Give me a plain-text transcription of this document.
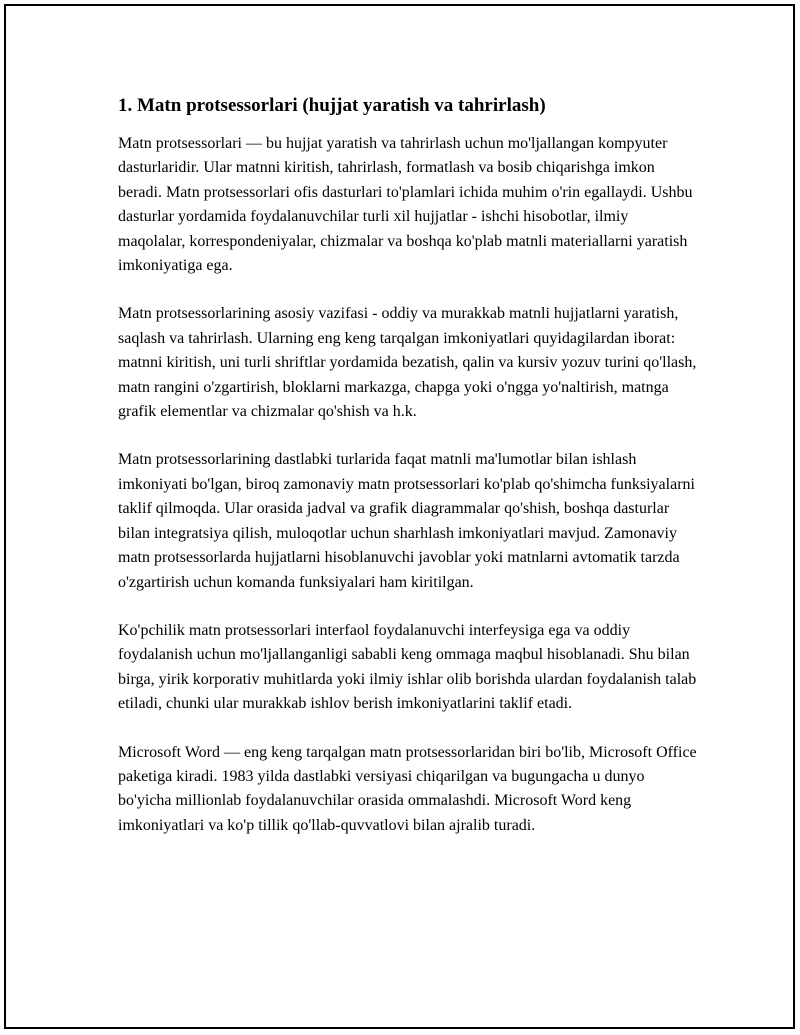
1. Matn protsessorlari (hujjat yaratish va tahrirlash)

Matn protsessorlari — bu hujjat yaratish va tahrirlash uchun mo'ljallangan kompyuter dasturlaridir. Ular matnni kiritish, tahrirlash, formatlash va bosib chiqarishga imkon beradi. Matn protsessorlari ofis dasturlari to'plamlari ichida muhim o'rin egallaydi. Ushbu dasturlar yordamida foydalanuvchilar turli xil hujjatlar - ishchi hisobotlar, ilmiy maqolalar, korrespondeniyalar, chizmalar va boshqa ko'plab matnli materiallarni yaratish imkoniyatiga ega.

Matn protsessorlarining asosiy vazifasi - oddiy va murakkab matnli hujjatlarni yaratish, saqlash va tahrirlash. Ularning eng keng tarqalgan imkoniyatlari quyidagilardan iborat: matnni kiritish, uni turli shriftlar yordamida bezatish, qalin va kursiv yozuv turini qo'llash, matn rangini o'zgartirish, bloklarni markazga, chapga yoki o'ngga yo'naltirish, matnga grafik elementlar va chizmalar qo'shish va h.k.

Matn protsessorlarining dastlabki turlarida faqat matnli ma'lumotlar bilan ishlash imkoniyati bo'lgan, biroq zamonaviy matn protsessorlari ko'plab qo'shimcha funksiyalarni taklif qilmoqda. Ular orasida jadval va grafik diagrammalar qo'shish, boshqa dasturlar bilan integratsiya qilish, muloqotlar uchun sharhlash imkoniyatlari mavjud. Zamonaviy matn protsessorlarda hujjatlarni hisoblanuvchi javoblar yoki matnlarni avtomatik tarzda o'zgartirish uchun komanda funksiyalari ham kiritilgan.

Ko'pchilik matn protsessorlari interfaol foydalanuvchi interfeysiga ega va oddiy foydalanish uchun mo'ljallanganligi sababli keng ommaga maqbul hisoblanadi. Shu bilan birga, yirik korporativ muhitlarda yoki ilmiy ishlar olib borishda ulardan foydalanish talab etiladi, chunki ular murakkab ishlov berish imkoniyatlarini taklif etadi.

Microsoft Word — eng keng tarqalgan matn protsessorlaridan biri bo'lib, Microsoft Office paketiga kiradi. 1983 yilda dastlabki versiyasi chiqarilgan va bugungacha u dunyo bo'yicha millionlab foydalanuvchilar orasida ommalashdi. Microsoft Word keng imkoniyatlari va ko'p tillik qo'llab-quvvatlovi bilan ajralib turadi.
